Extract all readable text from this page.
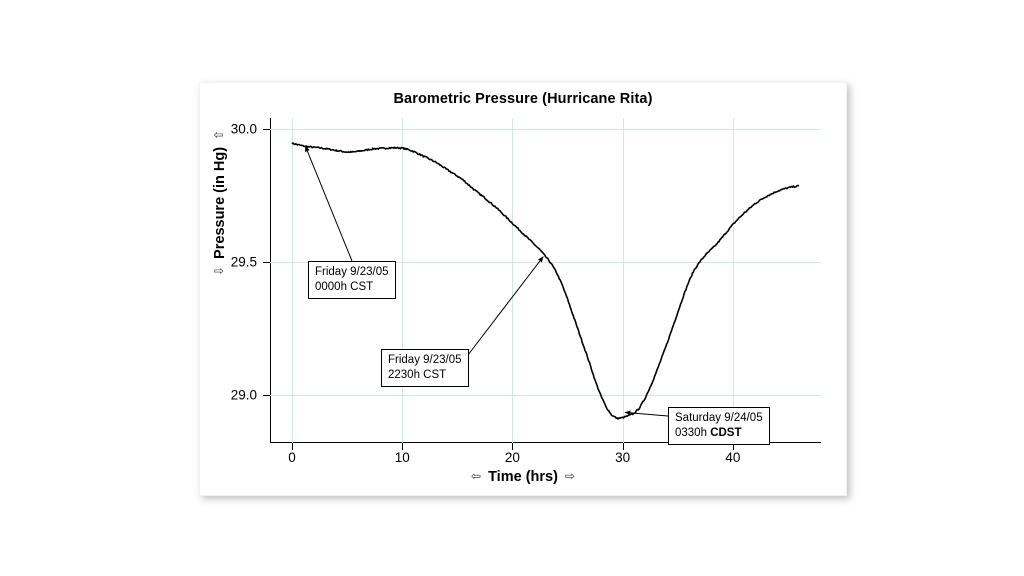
Barometric Pressure (Hurricane Rita)
⇩Pressure (in Hg)⇧
⇦ Time (hrs) ⇨
29.0
29.5
30.0
0	10	20	30	40
Friday 9/23/05
0000h CST
Friday 9/23/05
2230h CST
Saturday 9/24/05
0330h CDST
